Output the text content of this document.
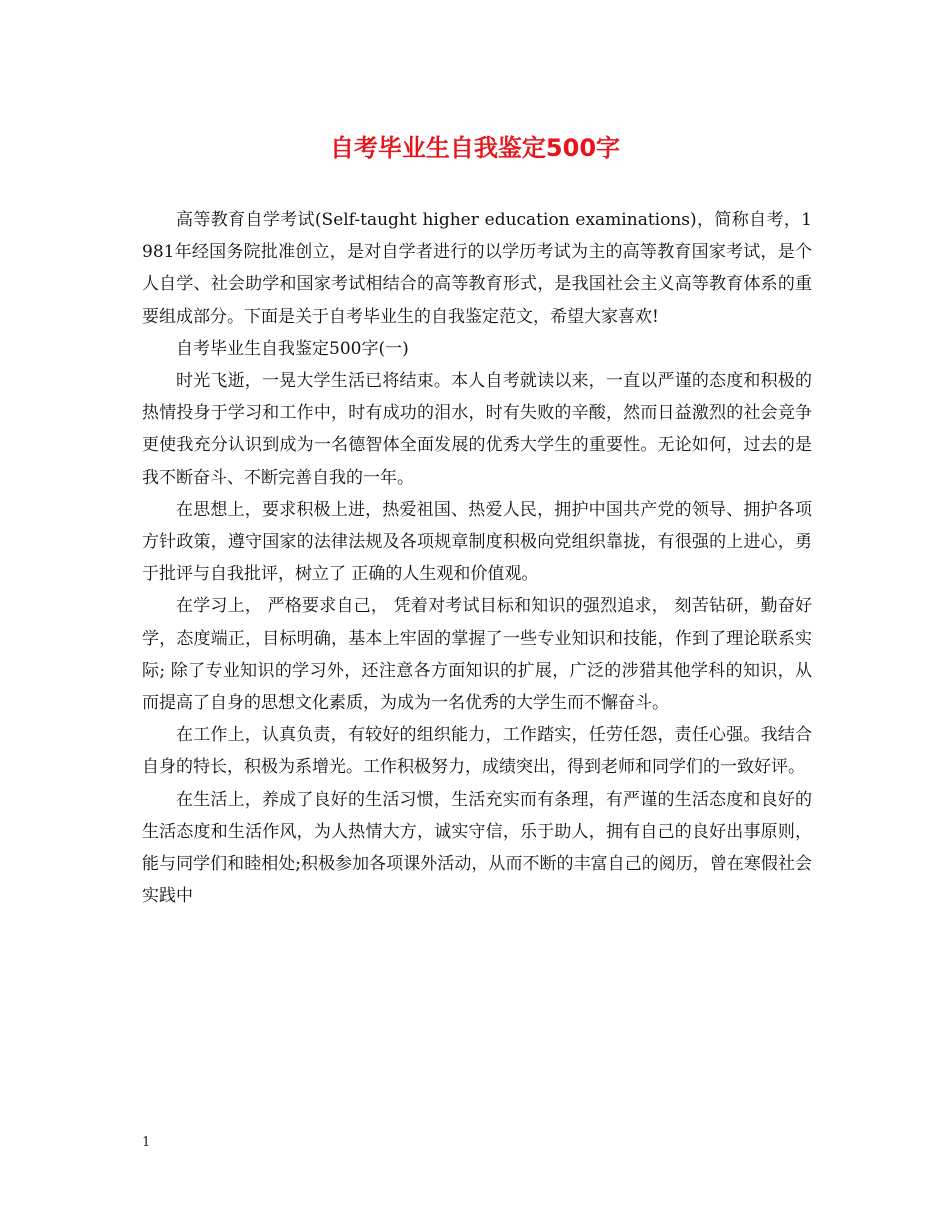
自考毕业生自我鉴定500字

高等教育自学考试(Self-taught higher education examinations)，简称自考，1981年经国务院批准创立，是对自学者进行的以学历考试为主的高等教育国家考试，是个人自学、社会助学和国家考试相结合的高等教育形式，是我国社会主义高等教育体系的重要组成部分。下面是关于自考毕业生的自我鉴定范文，希望大家喜欢!

自考毕业生自我鉴定500字(一)

时光飞逝，一晃大学生活已将结束。本人自考就读以来，一直以严谨的态度和积极的热情投身于学习和工作中，时有成功的泪水，时有失败的辛酸，然而日益激烈的社会竞争更使我充分认识到成为一名德智体全面发展的优秀大学生的重要性。无论如何，过去的是我不断奋斗、不断完善自我的一年。

在思想上，要求积极上进，热爱祖国、热爱人民，拥护中国共产党的领导、拥护各项方针政策，遵守国家的法律法规及各项规章制度积极向党组织靠拢，有很强的上进心，勇于批评与自我批评，树立了 正确的人生观和价值观。

在学习上， 严格要求自己， 凭着对考试目标和知识的强烈追求， 刻苦钻研，勤奋好学，态度端正，目标明确，基本上牢固的掌握了一些专业知识和技能，作到了理论联系实际; 除了专业知识的学习外，还注意各方面知识的扩展，广泛的涉猎其他学科的知识，从而提高了自身的思想文化素质，为成为一名优秀的大学生而不懈奋斗。

在工作上，认真负责，有较好的组织能力，工作踏实，任劳任怨，责任心强。我结合自身的特长，积极为系增光。工作积极努力，成绩突出，得到老师和同学们的一致好评。

在生活上，养成了良好的生活习惯，生活充实而有条理，有严谨的生活态度和良好的生活态度和生活作风，为人热情大方，诚实守信，乐于助人，拥有自己的良好出事原则，能与同学们和睦相处;积极参加各项课外活动，从而不断的丰富自己的阅历，曾在寒假社会实践中

1
